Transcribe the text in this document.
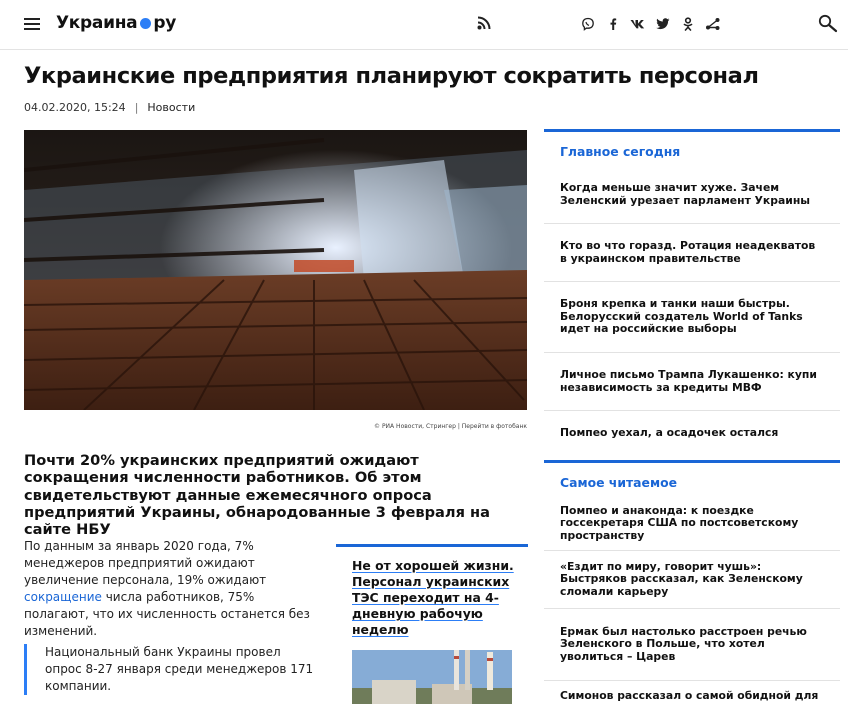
Украина ру
Украинские предприятия планируют сократить персонал
04.02.2020, 15:24 | Новости
© РИА Новости, Стрингер | Перейти в фотобанк

Почти 20% украинских предприятий ожидают сокращения численности работников. Об этом свидетельствуют данные ежемесячного опроса предприятий Украины, обнародованные 3 февраля на сайте НБУ

По данным за январь 2020 года, 7% менеджеров предприятий ожидают увеличение персонала, 19% ожидают сокращение числа работников, 75% полагают, что их численность останется без изменений.

Национальный банк Украины провел опрос 8-27 января среди менеджеров 171 компании.
Не от хорошей жизни. Персонал украинских ТЭС переходит на 4-дневную рабочую неделю
Главное сегодня
Когда меньше значит хуже. Зачем Зеленский урезает парламент Украины
Кто во что горазд. Ротация неадекватов в украинском правительстве
Броня крепка и танки наши быстры. Белорусский создатель World of Tanks идет на российские выборы
Личное письмо Трампа Лукашенко: купи независимость за кредиты МВФ
Помпео уехал, а осадочек остался
Самое читаемое
Помпео и анаконда: к поездке госсекретаря США по постсоветскому пространству
«Ездит по миру, говорит чушь»: Быстряков рассказал, как Зеленскому сломали карьеру
Ермак был настолько расстроен речью Зеленского в Польше, что хотел уволиться – Царев
Симонов рассказал о самой обидной для
